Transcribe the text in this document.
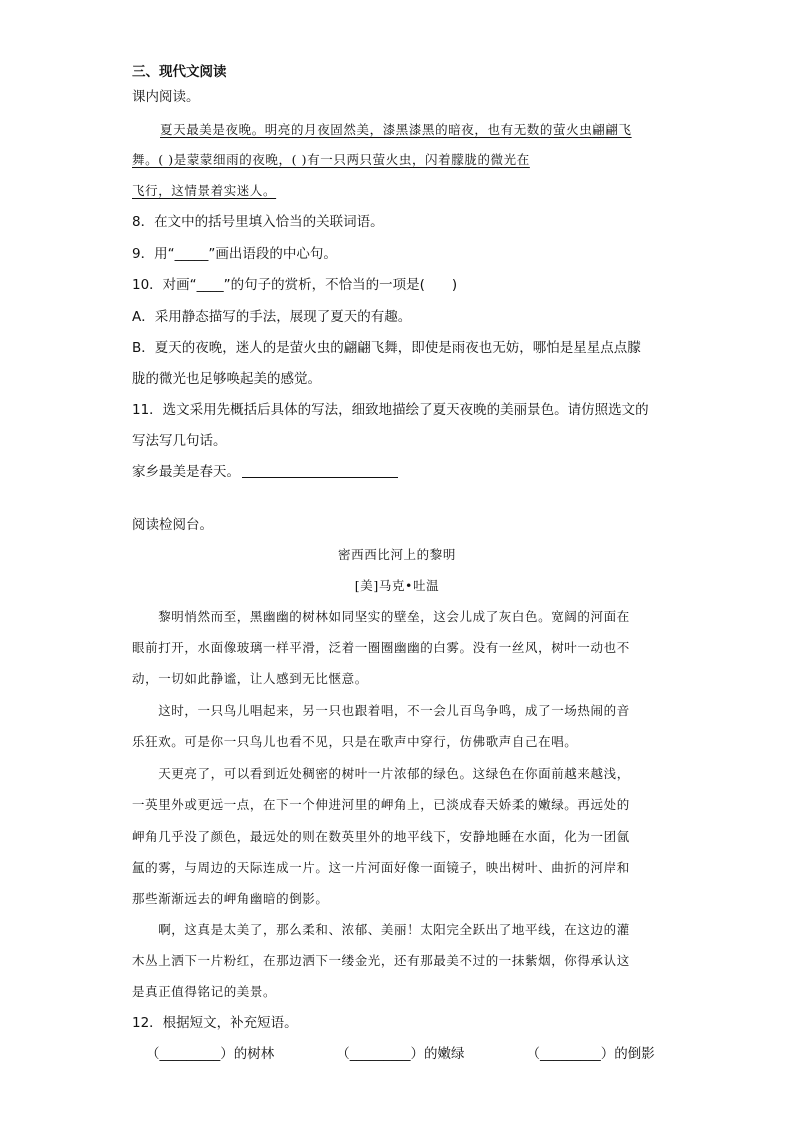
三、现代文阅读
课内阅读。
夏天最美是夜晚。明亮的月夜固然美，漆黑漆黑的暗夜，也有无数的萤火虫翩翩飞
舞。( )是蒙蒙细雨的夜晚，( )有一只两只萤火虫，闪着朦胧的微光在
飞行，这情景着实迷人。
8．在文中的括号里填入恰当的关联词语。
9．用“_____”画出语段的中心句。
10．对画“____”的句子的赏析，不恰当的一项是(　　)
A．采用静态描写的手法，展现了夏天的有趣。
B．夏天的夜晚，迷人的是萤火虫的翩翩飞舞，即使是雨夜也无妨，哪怕是星星点点朦
胧的微光也足够唤起美的感觉。
11．选文采用先概括后具体的写法，细致地描绘了夏天夜晚的美丽景色。请仿照选文的
写法写几句话。
家乡最美是春天。
阅读检阅台。
密西西比河上的黎明
[美]马克•吐温
　　黎明悄然而至，黑幽幽的树林如同坚实的壁垒，这会儿成了灰白色。宽阔的河面在
眼前打开，水面像玻璃一样平滑，泛着一圈圈幽幽的白雾。没有一丝风，树叶一动也不
动，一切如此静谧，让人感到无比惬意。
　　这时，一只鸟儿唱起来，另一只也跟着唱，不一会儿百鸟争鸣，成了一场热闹的音
乐狂欢。可是你一只鸟儿也看不见，只是在歌声中穿行，仿佛歌声自己在唱。
　　天更亮了，可以看到近处稠密的树叶一片浓郁的绿色。这绿色在你面前越来越浅，
一英里外或更远一点，在下一个伸进河里的岬角上，已淡成春天娇柔的嫩绿。再远处的
岬角几乎没了颜色，最远处的则在数英里外的地平线下，安静地睡在水面，化为一团氤
氲的雾，与周边的天际连成一片。这一片河面好像一面镜子，映出树叶、曲折的河岸和
那些渐渐远去的岬角幽暗的倒影。
　　啊，这真是太美了，那么柔和、浓郁、美丽！太阳完全跃出了地平线，在这边的灌
木丛上洒下一片粉红，在那边洒下一缕金光，还有那最美不过的一抹紫烟，你得承认这
是真正值得铭记的美景。
12．根据短文，补充短语。
（_________）的树林	（_________）的嫩绿	（_________）的倒影
